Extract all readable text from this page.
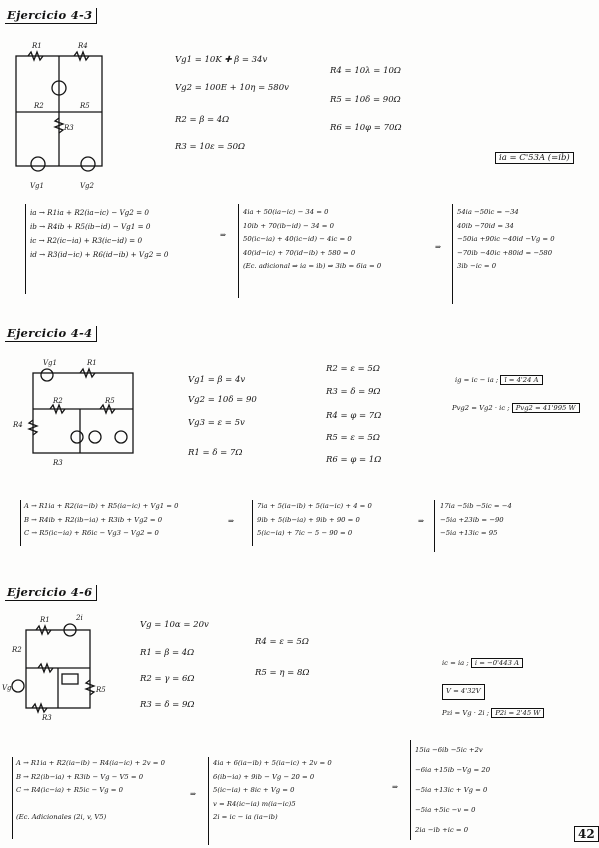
Ejercicio 4-3
R1	R4
R2	R5
R3
Vg1	Vg2
Vg1 = 10K ✚ β = 34v
Vg2 = 100E + 10η = 580v
R2 = β = 4Ω
R3 = 10ε = 50Ω
R4 = 10λ = 10Ω
R5 = 10δ = 90Ω
R6 = 10φ = 70Ω
ia = C'53A (=ib)
ia → R1ia + R2(ia−ic) − Vg2 = 0
ib → R4ib + R5(ib−id) − Vg1 = 0
ic → R2(ic−ia) + R3(ic−id) = 0
id → R3(id−ic) + R6(id−ib) + Vg2 = 0
⇒
4ia + 50(ia−ic) − 34 = 0
10ib + 70(ib−id) − 34 = 0
50(ic−ia) + 40(ic−id) − 4ic = 0
40(id−ic) + 70(id−ib) + 580 = 0
(Ec. adicional ⇒ ia = ib) ⇒ 3ib = 6ia = 0
⇒
54ia −50ic = −34
40ib −70id = 34
−50ia +90ic −40id −Vg = 0
−70ib −40ic +80id = −580
3ib −ic = 0
Ejercicio 4-4
Vg1	R1
R4
R2	R5
R3
Vg1 = β = 4v
Vg2 = 10δ = 90
Vg3 = ε = 5v
R1 = δ = 7Ω
R2 = ε = 5Ω
R3 = δ = 9Ω
R4 = φ = 7Ω
R5 = ε = 5Ω
R6 = φ = 1Ω
ig = ic − ia ; ī = 4'24 A
Pvg2 = Vg2 · ic ; Pvg2 = 41'995 W
A → R1ia + R2(ia−ib) + R5(ia−ic) + Vg1 = 0
B → R4ib + R2(ib−ia) + R3ib + Vg2 = 0
C → R5(ic−ia) + R6ic − Vg3 − Vg2 = 0
⇒
7ia + 5(ia−ib) + 5(ia−ic) + 4 = 0
9ib + 5(ib−ia) + 9ib + 90 = 0
5(ic−ia) + 7ic − 5 − 90 = 0
⇒
17ia −5ib −5ic = −4
−5ia +23ib = −90
−5ia +13ic = 95
Ejercicio 4-6
R1	2i
R2
R5
R3
Vg
Vg = 10α = 20v
R1 = β = 4Ω
R2 = γ = 6Ω
R3 = δ = 9Ω
R4 = ε = 5Ω
R5 = η = 8Ω
ic = ia ; i = −0'443 A
V = 4'32V
Pzi = Vg · 2i ; P2i = 2'45 W
A → R1ia + R2(ia−ib) − R4(ia−ic) + 2v = 0
B → R2(ib−ia) + R3ib − Vg − V5 = 0
C → R4(ic−ia) + R5ic − Vg = 0
(Ec. Adicionales (2i, v, V5)
⇒
4ia + 6(ia−ib) + 5(ia−ic) + 2v = 0
6(ib−ia) + 9ib − Vg − 20 = 0
5(ic−ia) + 8ic + Vg = 0
v = R4(ic−ia) m(ia−ic)5
2i = ic − ia (ia−ib)
⇒
15ia −6ib −5ic +2v
−6ia +15ib −Vg = 20
−5ia +13ic + Vg = 0
−5ia +5ic −v = 0
2ia −ib +ic = 0	42
